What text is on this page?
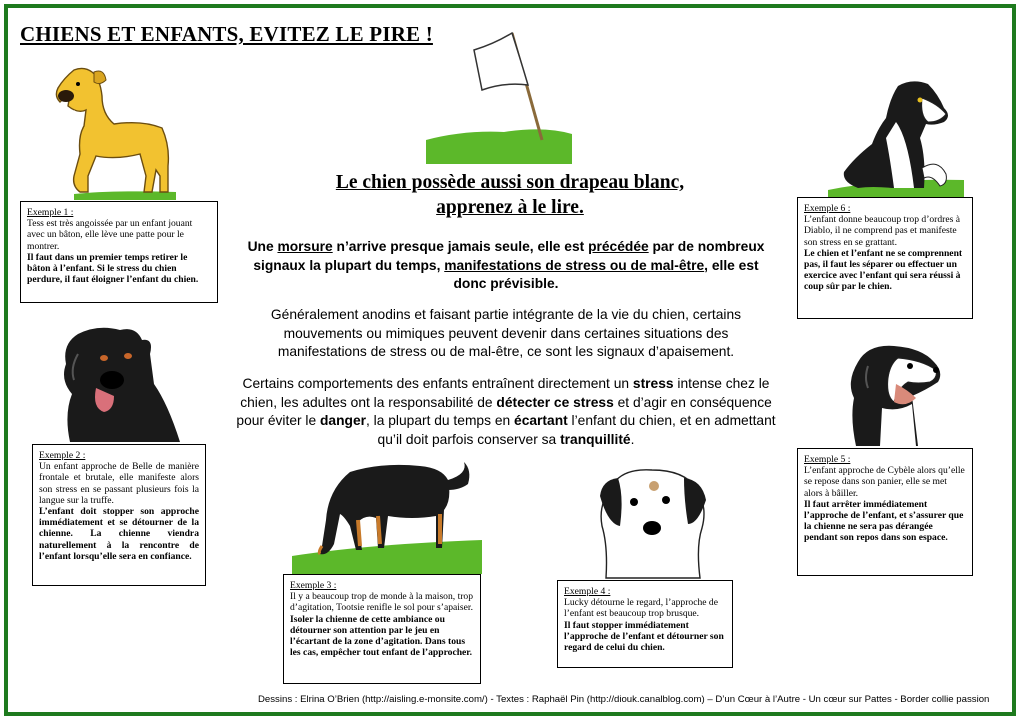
CHIENS ET ENFANTS, EVITEZ LE PIRE !
Exemple 1 :

Tess est très angoissée par un enfant jouant avec un bâton, elle lève une patte pour le montrer.

Il faut dans un premier temps retirer le bâton à l’enfant. Si le stress du chien perdure, il faut éloigner l’enfant du chien.
Exemple 2 :

Un enfant approche de Belle de manière frontale et brutale, elle manifeste alors son stress en se passant plusieurs fois la langue sur la truffe.

L’enfant doit stopper son approche immédiatement et se détourner de la chienne. La chienne viendra naturellement à la rencontre de l’enfant lorsqu’elle sera en confiance.
Exemple 3 :

Il y a beaucoup trop de monde à la maison, trop d’agitation, Tootsie renifle le sol pour s’apaiser.

Isoler la chienne de cette ambiance ou détourner son attention par le jeu en l’écartant de la zone d’agitation. Dans tous les cas, empêcher tout enfant de l’approcher.
Exemple 4 :

Lucky détourne le regard, l’approche de l’enfant est beaucoup trop brusque.

Il faut stopper immédiatement l’approche de l’enfant et détourner son regard de celui du chien.
Exemple 5 :

L’enfant approche de Cybèle alors qu’elle se repose dans son panier, elle se met alors à bâiller.

Il faut arrêter immédiatement l’approche de l’enfant, et s’assurer que la chienne ne sera pas dérangée pendant son repos dans son espace.
Exemple 6 :

L’enfant donne beaucoup trop d’ordres à Diablo, il ne comprend pas et manifeste son stress en se grattant.

Le chien et l’enfant ne se comprennent pas, il faut les séparer ou effectuer un exercice avec l’enfant qui sera réussi à coup sûr par le chien.
Le chien possède aussi son drapeau blanc,
apprenez à le lire.
Une morsure n’arrive presque jamais seule, elle est précédée par de nombreux signaux la plupart du temps, manifestations de stress ou de mal-être, elle est donc prévisible.
Généralement anodins et faisant partie intégrante de la vie du chien, certains mouvements ou mimiques peuvent devenir dans certaines situations des manifestations de stress ou de mal-être, ce sont les signaux d’apaisement.
Certains comportements des enfants entraînent directement un stress intense chez le chien, les adultes ont la responsabilité de détecter ce stress et d’agir en conséquence pour éviter le danger, la plupart du temps en écartant l’enfant du chien, et en admettant qu’il doit parfois conserver sa tranquillité.
Dessins : Elrina O’Brien (http://aisling.e-monsite.com/) - Textes : Raphaël Pin (http://diouk.canalblog.com) – D’un Cœur à l’Autre - Un cœur sur Pattes - Border collie passion
